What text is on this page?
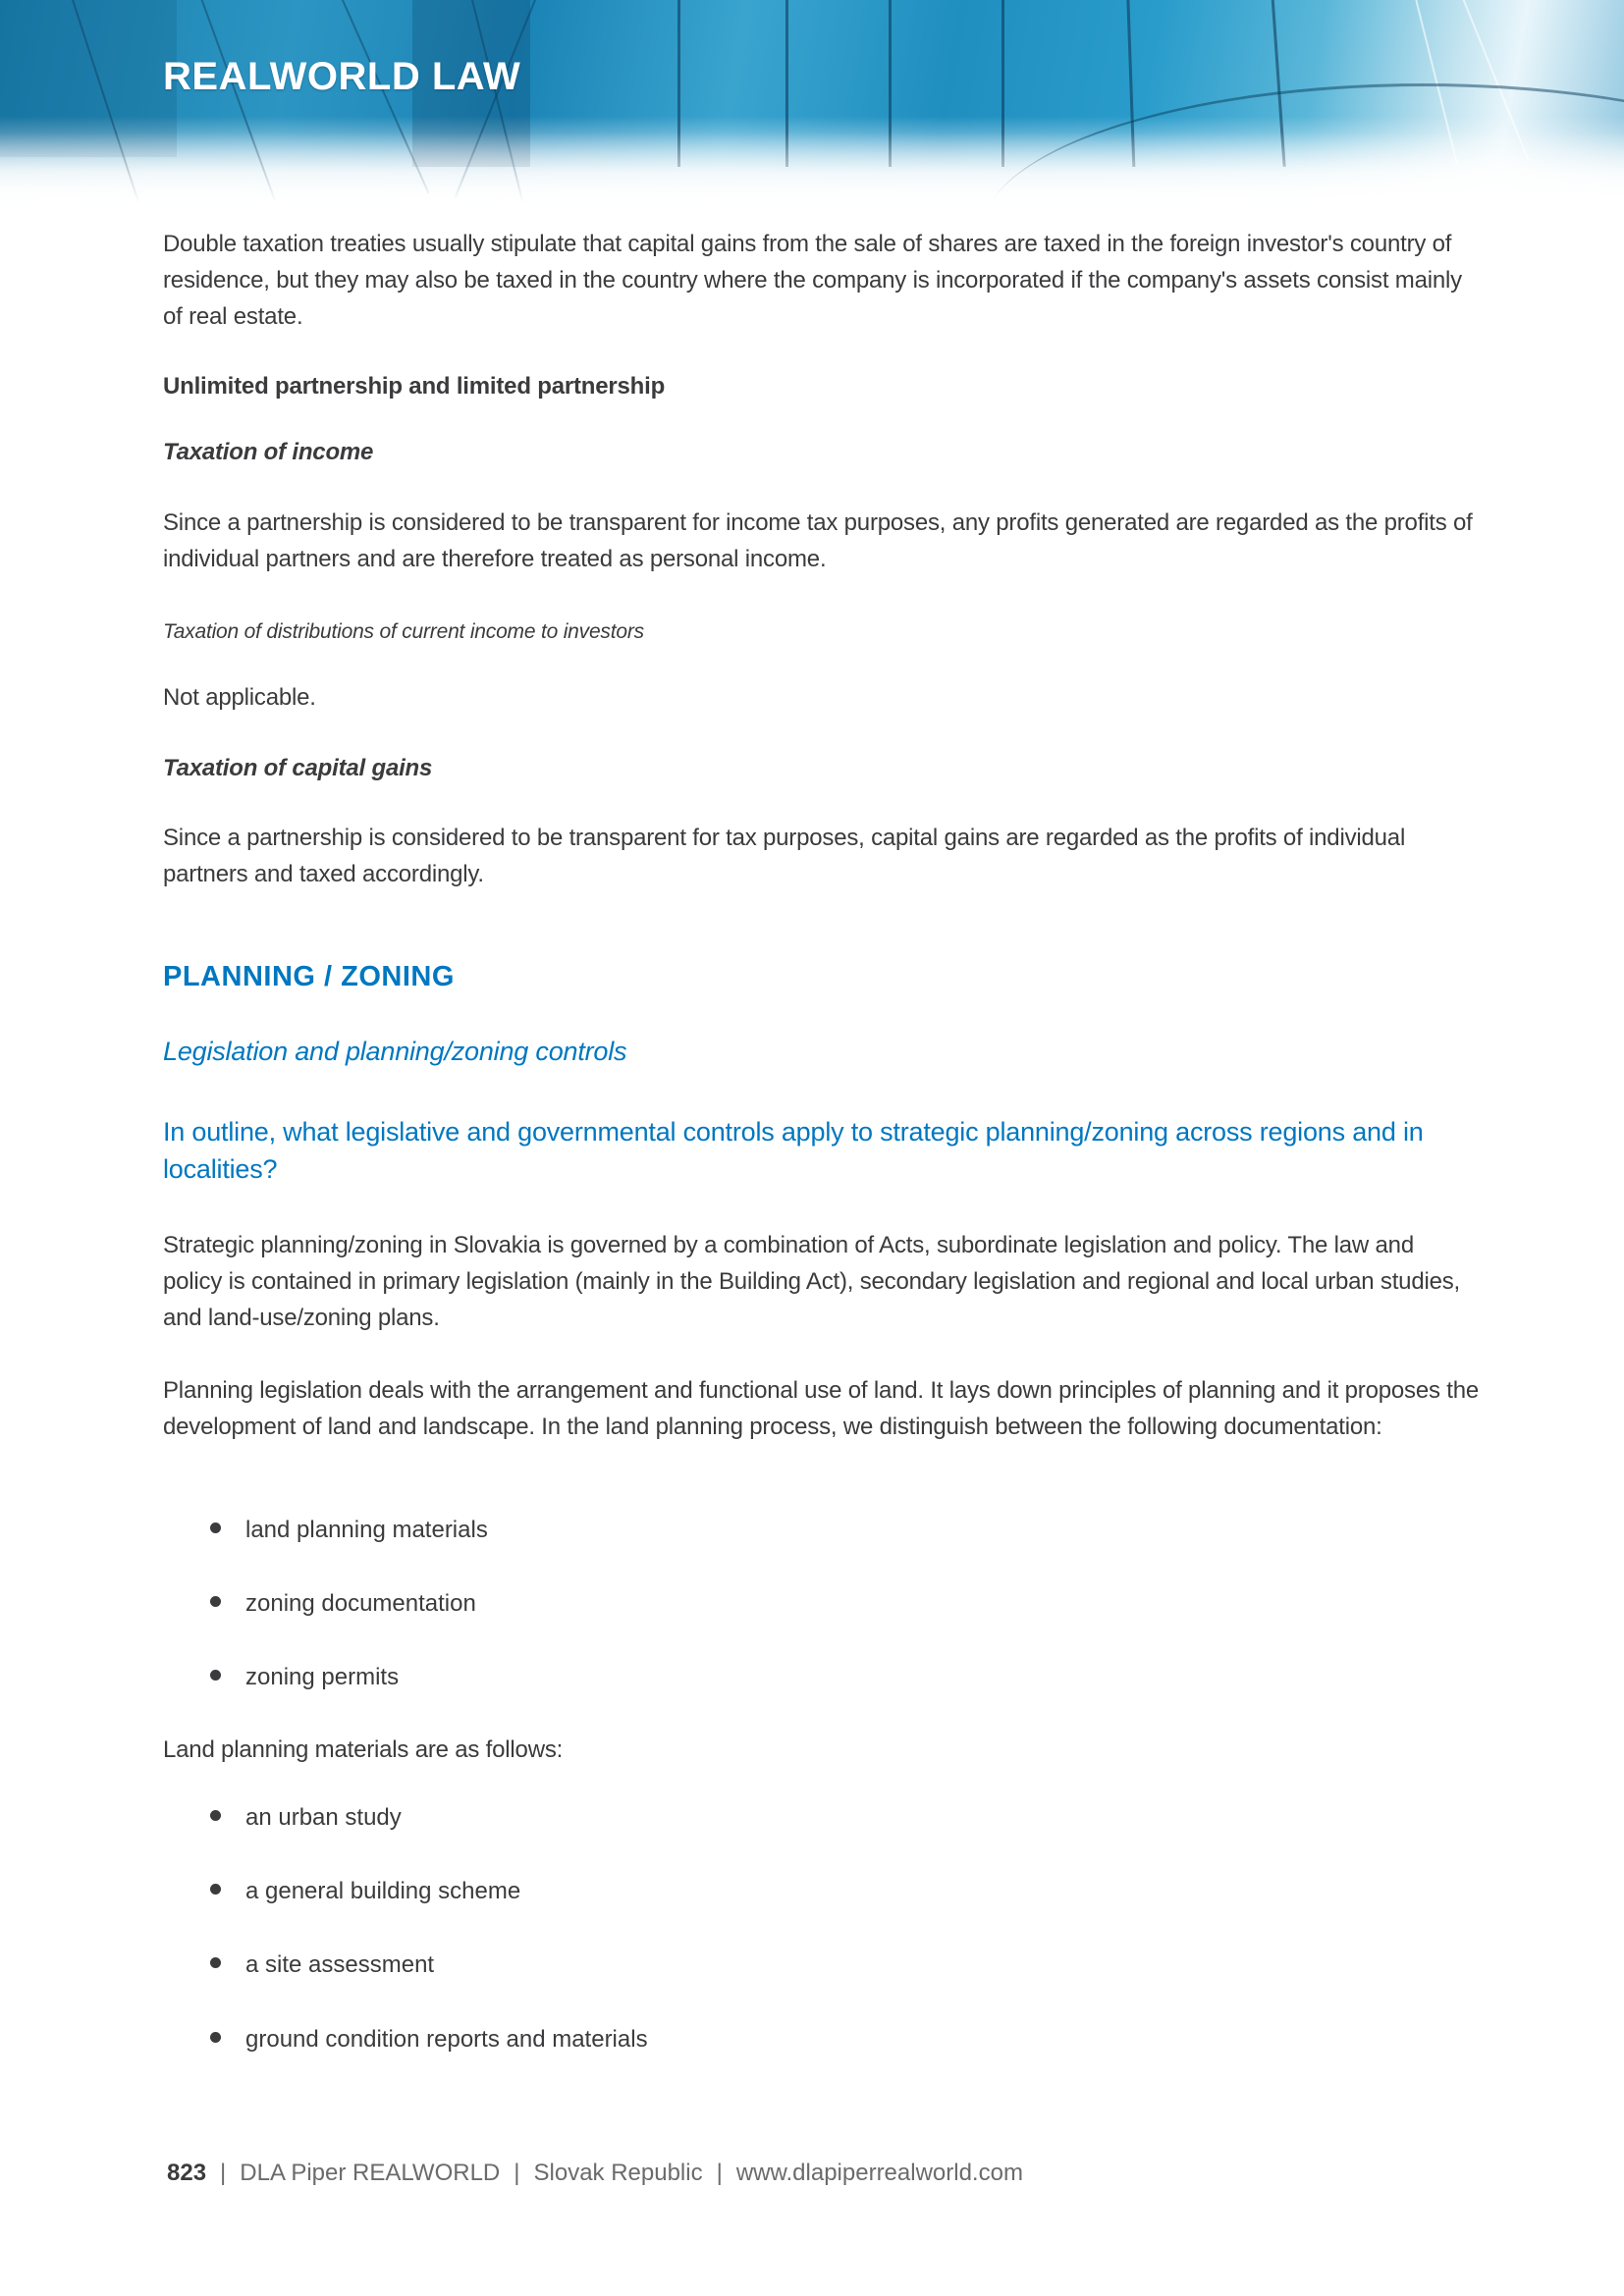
REALWORLD LAW

Double taxation treaties usually stipulate that capital gains from the sale of shares are taxed in the foreign investor's country of residence, but they may also be taxed in the country where the company is incorporated if the company's assets consist mainly of real estate.

Unlimited partnership and limited partnership

Taxation of income

Since a partnership is considered to be transparent for income tax purposes, any profits generated are regarded as the profits of individual partners and are therefore treated as personal income.

Taxation of distributions of current income to investors

Not applicable.

Taxation of capital gains

Since a partnership is considered to be transparent for tax purposes, capital gains are regarded as the profits of individual partners and taxed accordingly.

PLANNING / ZONING

Legislation and planning/zoning controls

In outline, what legislative and governmental controls apply to strategic planning/zoning across regions and in localities?

Strategic planning/zoning in Slovakia is governed by a combination of Acts, subordinate legislation and policy. The law and policy is contained in primary legislation (mainly in the Building Act), secondary legislation and regional and local urban studies, and land-use/zoning plans.

Planning legislation deals with the arrangement and functional use of land. It lays down principles of planning and it proposes the development of land and landscape. In the land planning process, we distinguish between the following documentation:

land planning materials
zoning documentation
zoning permits

Land planning materials are as follows:

an urban study
a general building scheme
a site assessment
ground condition reports and materials
823 | DLA Piper REALWORLD | Slovak Republic | www.dlapiperrealworld.com
